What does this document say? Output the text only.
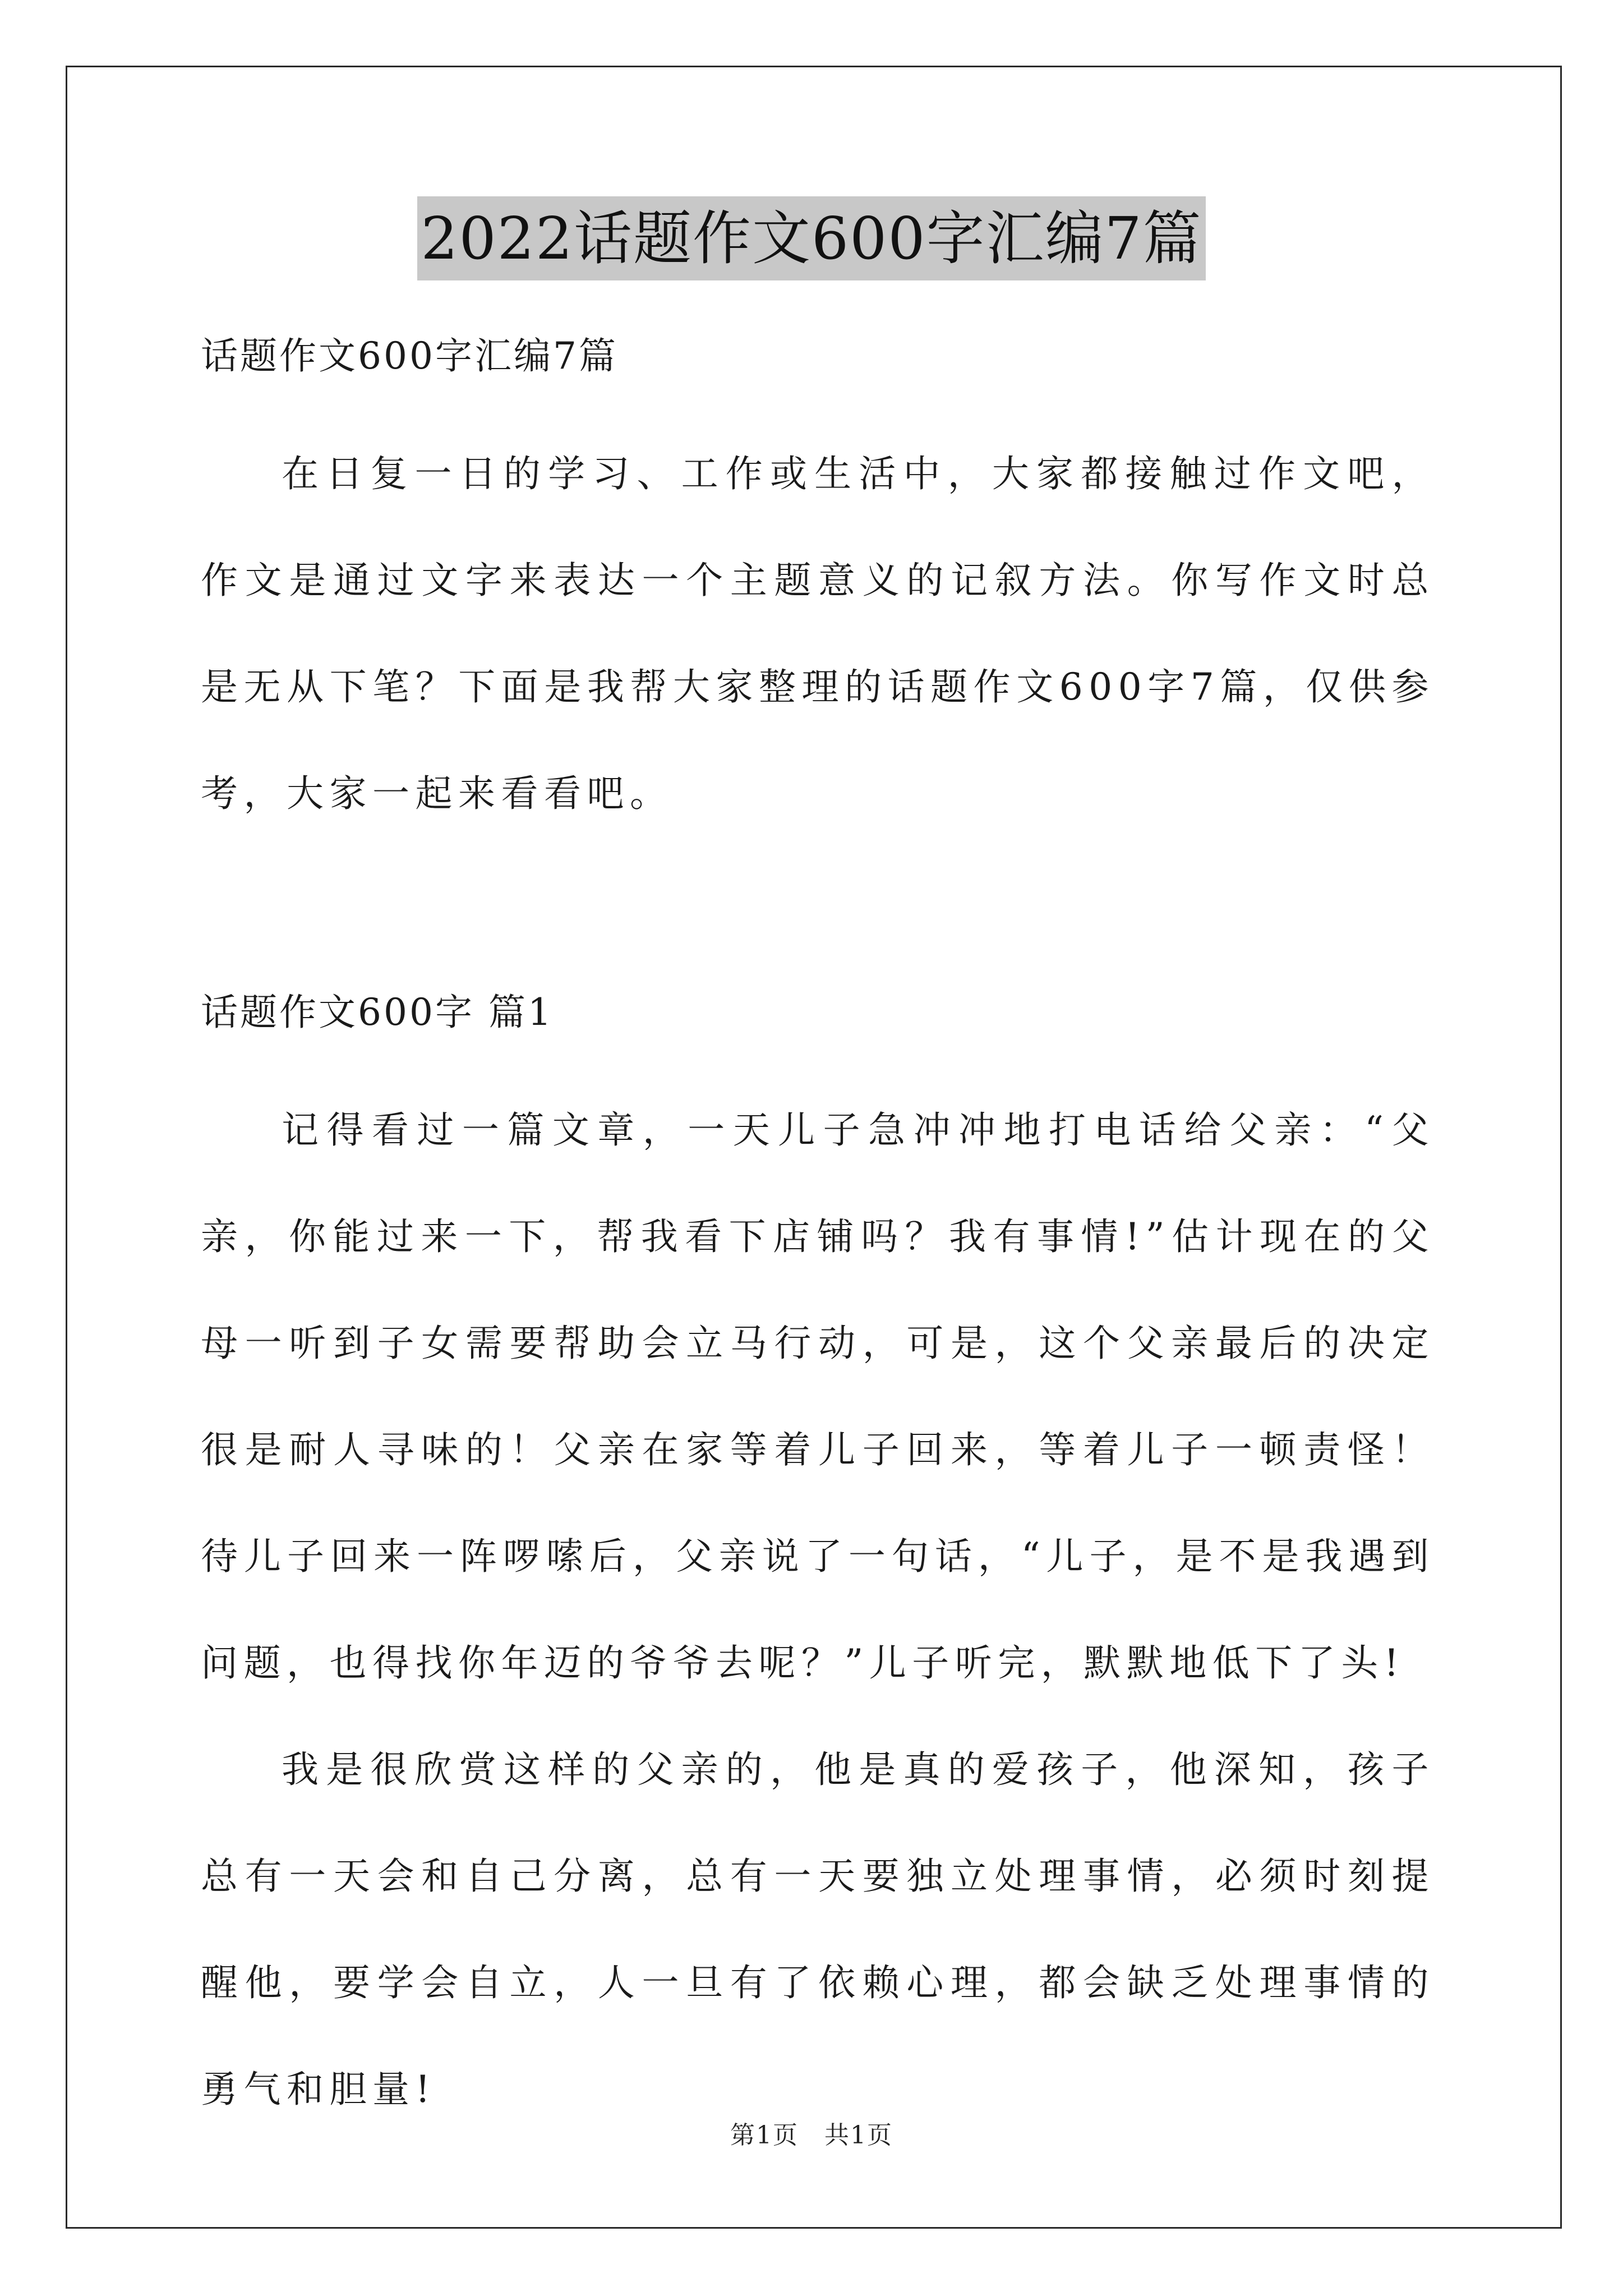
2022话题作文600字汇编7篇
话题作文600字汇编7篇

在日复一日的学习、工作或生活中，大家都接触过作文吧，作文是通过文字来表达一个主题意义的记叙方法。你写作文时总是无从下笔？下面是我帮大家整理的话题作文600字7篇，仅供参考，大家一起来看看吧。

话题作文600字 篇1

记得看过一篇文章，一天儿子急冲冲地打电话给父亲：“父亲，你能过来一下，帮我看下店铺吗？我有事情!”估计现在的父母一听到子女需要帮助会立马行动，可是，这个父亲最后的决定很是耐人寻味的！父亲在家等着儿子回来，等着儿子一顿责怪！待儿子回来一阵啰嗦后，父亲说了一句话，“儿子，是不是我遇到问题，也得找你年迈的爷爷去呢？”儿子听完，默默地低下了头!

我是很欣赏这样的父亲的，他是真的爱孩子，他深知，孩子总有一天会和自己分离，总有一天要独立处理事情，必须时刻提醒他，要学会自立，人一旦有了依赖心理，都会缺乏处理事情的勇气和胆量!

第1页　共1页
